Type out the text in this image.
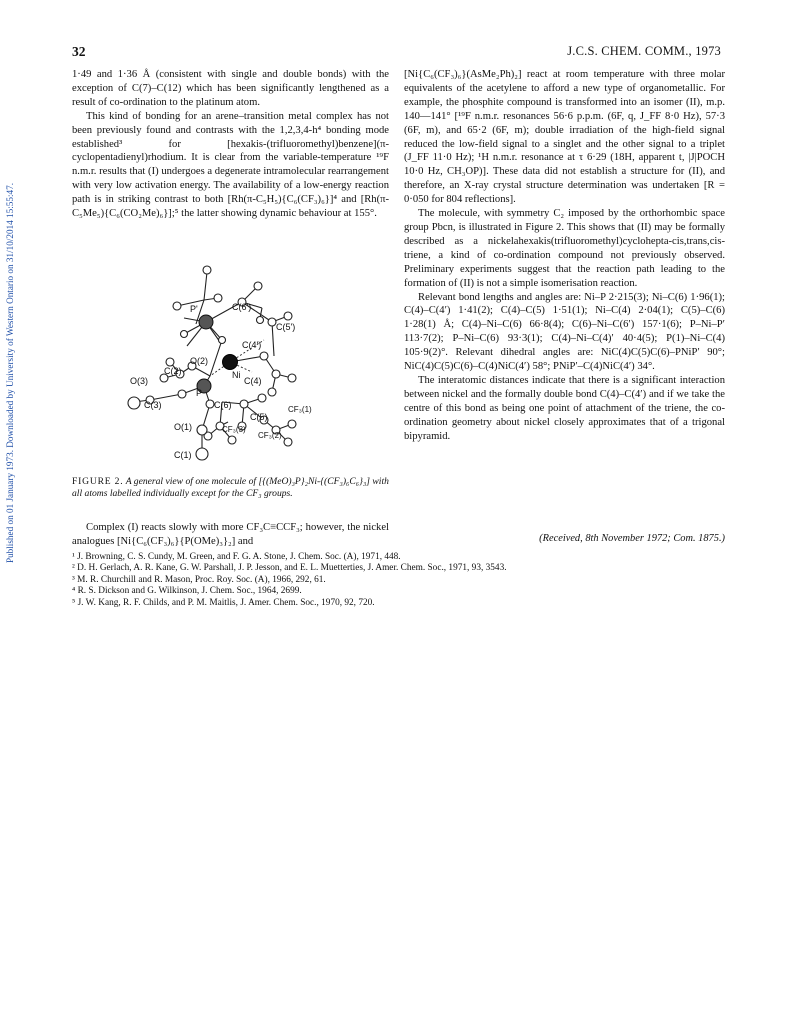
Published on 01 January 1973. Downloaded by University of Western Ontario on 31/10/2014 15:55:47.
32	J.C.S. CHEM. COMM., 1973

1·49 and 1·36 Å (consistent with single and double bonds) with the exception of C(7)–C(12) which has been significantly lengthened as a result of co-ordination to the platinum atom.

This kind of bonding for an arene–transition metal complex has not been previously found and contrasts with the 1,2,3,4-h⁴ bonding mode established³ for [hexakis-(trifluoromethyl)benzene](π-cyclopentadienyl)rhodium. It is clear from the variable-temperature ¹⁹F n.m.r. results that (I) undergoes a degenerate intramolecular rearrangement with very low activation energy. The availability of a low-energy reaction path is in striking contrast to both [Rh(π-C₅H₅){C₆(CF₃)₆}]⁴ and [Rh(π-C₅Me₅){C₆(CO₂Me)₆}];⁵ the latter showing dynamic behaviour at 155°.

C(6')
C(5')
P'
C(4')
Ni
O(2)
C(2)
O(3)
P
C(4)
CF₃(1)
C(3)	C(6)
C(5)
CF₃(3)
O(1)
CF₃(2)
C(1)
FIGURE 2. A general view of one molecule of [{(MeO)₃P}₂Ni-{(CF₃)₆C₆}₃] with all atoms labelled individually except for the CF₃ groups.

Complex (I) reacts slowly with more CF₃C≡CCF₃; however, the nickel analogues [Ni{C₆(CF₃)₆}{P(OMe)₃}₂] and

[Ni{C₆(CF₃)₆}(AsMe₂Ph)₂] react at room temperature with three molar equivalents of the acetylene to afford a new type of organometallic. For example, the phosphite compound is transformed into an isomer (II), m.p. 140—141° [¹⁹F n.m.r. resonances 56·6 p.p.m. (6F, q, J_FF 8·0 Hz), 57·3 (6F, m), and 65·2 (6F, m); double irradiation of the high-field signal reduced the low-field signal to a singlet and the other signal to a triplet (J_FF 11·0 Hz); ¹H n.m.r. resonance at τ 6·29 (18H, apparent t, |J|POCH 10·0 Hz, CH₃OP)]. These data did not establish a structure for (II), and therefore, an X-ray crystal structure determination was undertaken [R = 0·050 for 804 reflections].

The molecule, with symmetry C₂ imposed by the orthorhombic space group Pbcn, is illustrated in Figure 2. This shows that (II) may be formally described as a nickelahexakis(trifluoromethyl)cyclohepta-cis,trans,cis-triene, a kind of co-ordination compound not previously observed. Preliminary experiments suggest that the reaction path leading to the formation of (II) is not a simple isomerisation reaction.

Relevant bond lengths and angles are: Ni–P 2·215(3); Ni–C(6) 1·96(1); C(4)–C(4′) 1·41(2); C(4)–C(5) 1·51(1); Ni–C(4) 2·04(1); C(5)–C(6) 1·28(1) Å; C(4)–Ni–C(6) 66·8(4); C(6)–Ni–C(6′) 157·1(6); P–Ni–P′ 113·7(2); P–Ni–C(6) 93·3(1); C(4)–Ni–C(4)′ 40·4(5); P(1)–Ni–C(4) 105·9(2)°. Relevant dihedral angles are: NiC(4)C(5)C(6)–PNiP′ 90°; NiC(4)C(5)C(6)–C(4)NiC(4′) 58°; PNiP′–C(4)NiC(4′) 34°.

The interatomic distances indicate that there is a significant interaction between nickel and the formally double bond C(4)–C(4′) and if we take the centre of this bond as being one point of attachment of the triene, the co-ordination geometry about nickel closely approximates that of a trigonal bipyramid.

(Received, 8th November 1972; Com. 1875.)
¹ J. Browning, C. S. Cundy, M. Green, and F. G. A. Stone, J. Chem. Soc. (A), 1971, 448.
² D. H. Gerlach, A. R. Kane, G. W. Parshall, J. P. Jesson, and E. L. Muetterties, J. Amer. Chem. Soc., 1971, 93, 3543.
³ M. R. Churchill and R. Mason, Proc. Roy. Soc. (A), 1966, 292, 61.
⁴ R. S. Dickson and G. Wilkinson, J. Chem. Soc., 1964, 2699.
⁵ J. W. Kang, R. F. Childs, and P. M. Maitlis, J. Amer. Chem. Soc., 1970, 92, 720.
